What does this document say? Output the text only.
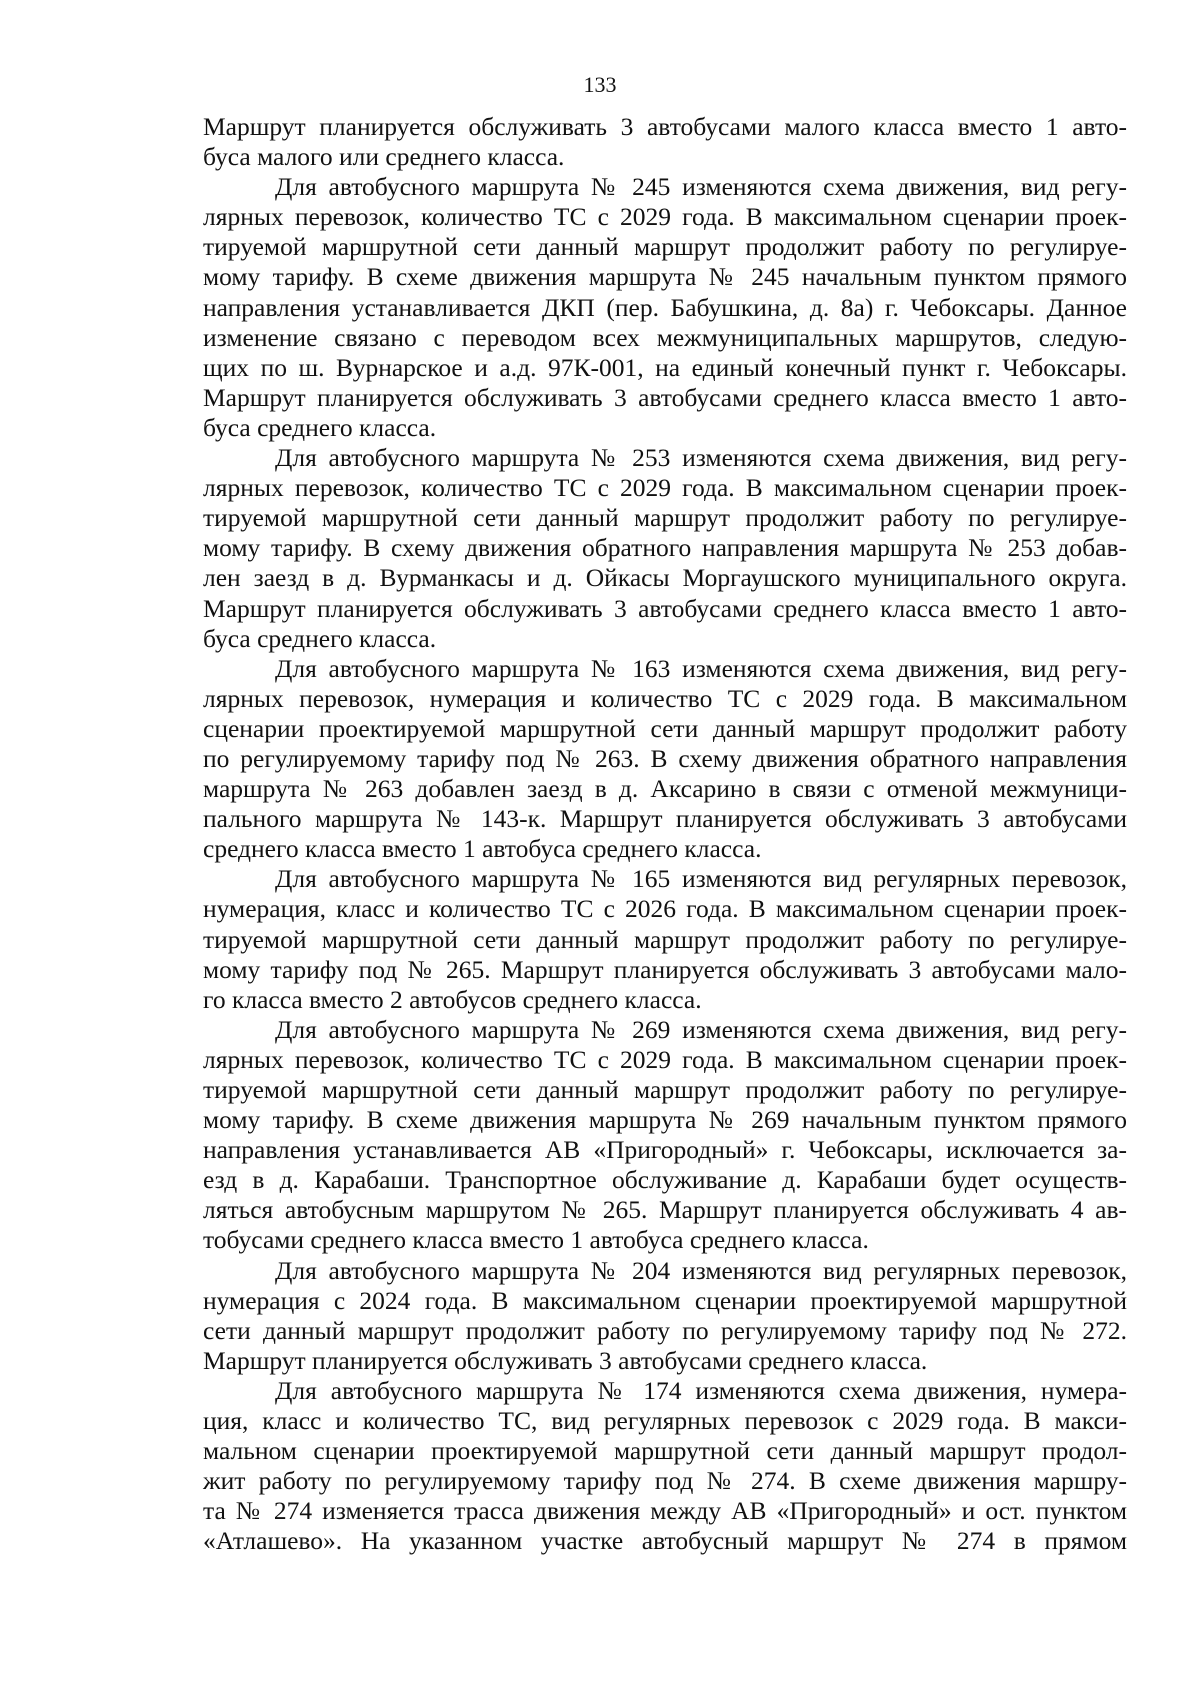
133
Маршрут планируется обслуживать 3 автобусами малого класса вместо 1 авто-
буса малого или среднего класса.
Для автобусного маршрута № 245 изменяются схема движения, вид регу-
лярных перевозок, количество ТС с 2029 года. В максимальном сценарии проек-
тируемой маршрутной сети данный маршрут продолжит работу по регулируе-
мому тарифу. В схеме движения маршрута № 245 начальным пунктом прямого
направления устанавливается ДКП (пер. Бабушкина, д. 8а) г. Чебоксары. Данное
изменение связано с переводом всех межмуниципальных маршрутов, следую-
щих по ш. Вурнарское и а.д. 97К-001, на единый конечный пункт г. Чебоксары.
Маршрут планируется обслуживать 3 автобусами среднего класса вместо 1 авто-
буса среднего класса.
Для автобусного маршрута № 253 изменяются схема движения, вид регу-
лярных перевозок, количество ТС с 2029 года. В максимальном сценарии проек-
тируемой маршрутной сети данный маршрут продолжит работу по регулируе-
мому тарифу. В схему движения обратного направления маршрута № 253 добав-
лен заезд в д. Вурманкасы и д. Ойкасы Моргаушского муниципального округа.
Маршрут планируется обслуживать 3 автобусами среднего класса вместо 1 авто-
буса среднего класса.
Для автобусного маршрута № 163 изменяются схема движения, вид регу-
лярных перевозок, нумерация и количество ТС с 2029 года. В максимальном
сценарии проектируемой маршрутной сети данный маршрут продолжит работу
по регулируемому тарифу под № 263. В схему движения обратного направления
маршрута № 263 добавлен заезд в д. Аксарино в связи с отменой межмуници-
пального маршрута № 143-к. Маршрут планируется обслуживать 3 автобусами
среднего класса вместо 1 автобуса среднего класса.
Для автобусного маршрута № 165 изменяются вид регулярных перевозок,
нумерация, класс и количество ТС с 2026 года. В максимальном сценарии проек-
тируемой маршрутной сети данный маршрут продолжит работу по регулируе-
мому тарифу под № 265. Маршрут планируется обслуживать 3 автобусами мало-
го класса вместо 2 автобусов среднего класса.
Для автобусного маршрута № 269 изменяются схема движения, вид регу-
лярных перевозок, количество ТС с 2029 года. В максимальном сценарии проек-
тируемой маршрутной сети данный маршрут продолжит работу по регулируе-
мому тарифу. В схеме движения маршрута № 269 начальным пунктом прямого
направления устанавливается АВ «Пригородный» г. Чебоксары, исключается за-
езд в д. Карабаши. Транспортное обслуживание д. Карабаши будет осуществ-
ляться автобусным маршрутом № 265. Маршрут планируется обслуживать 4 ав-
тобусами среднего класса вместо 1 автобуса среднего класса.
Для автобусного маршрута № 204 изменяются вид регулярных перевозок,
нумерация с 2024 года. В максимальном сценарии проектируемой маршрутной
сети данный маршрут продолжит работу по регулируемому тарифу под № 272.
Маршрут планируется обслуживать 3 автобусами среднего класса.
Для автобусного маршрута № 174 изменяются схема движения, нумера-
ция, класс и количество ТС, вид регулярных перевозок с 2029 года. В макси-
мальном сценарии проектируемой маршрутной сети данный маршрут продол-
жит работу по регулируемому тарифу под № 274. В схеме движения маршру-
та № 274 изменяется трасса движения между АВ «Пригородный» и ост. пунктом
«Атлашево». На указанном участке автобусный маршрут № 274 в прямом
